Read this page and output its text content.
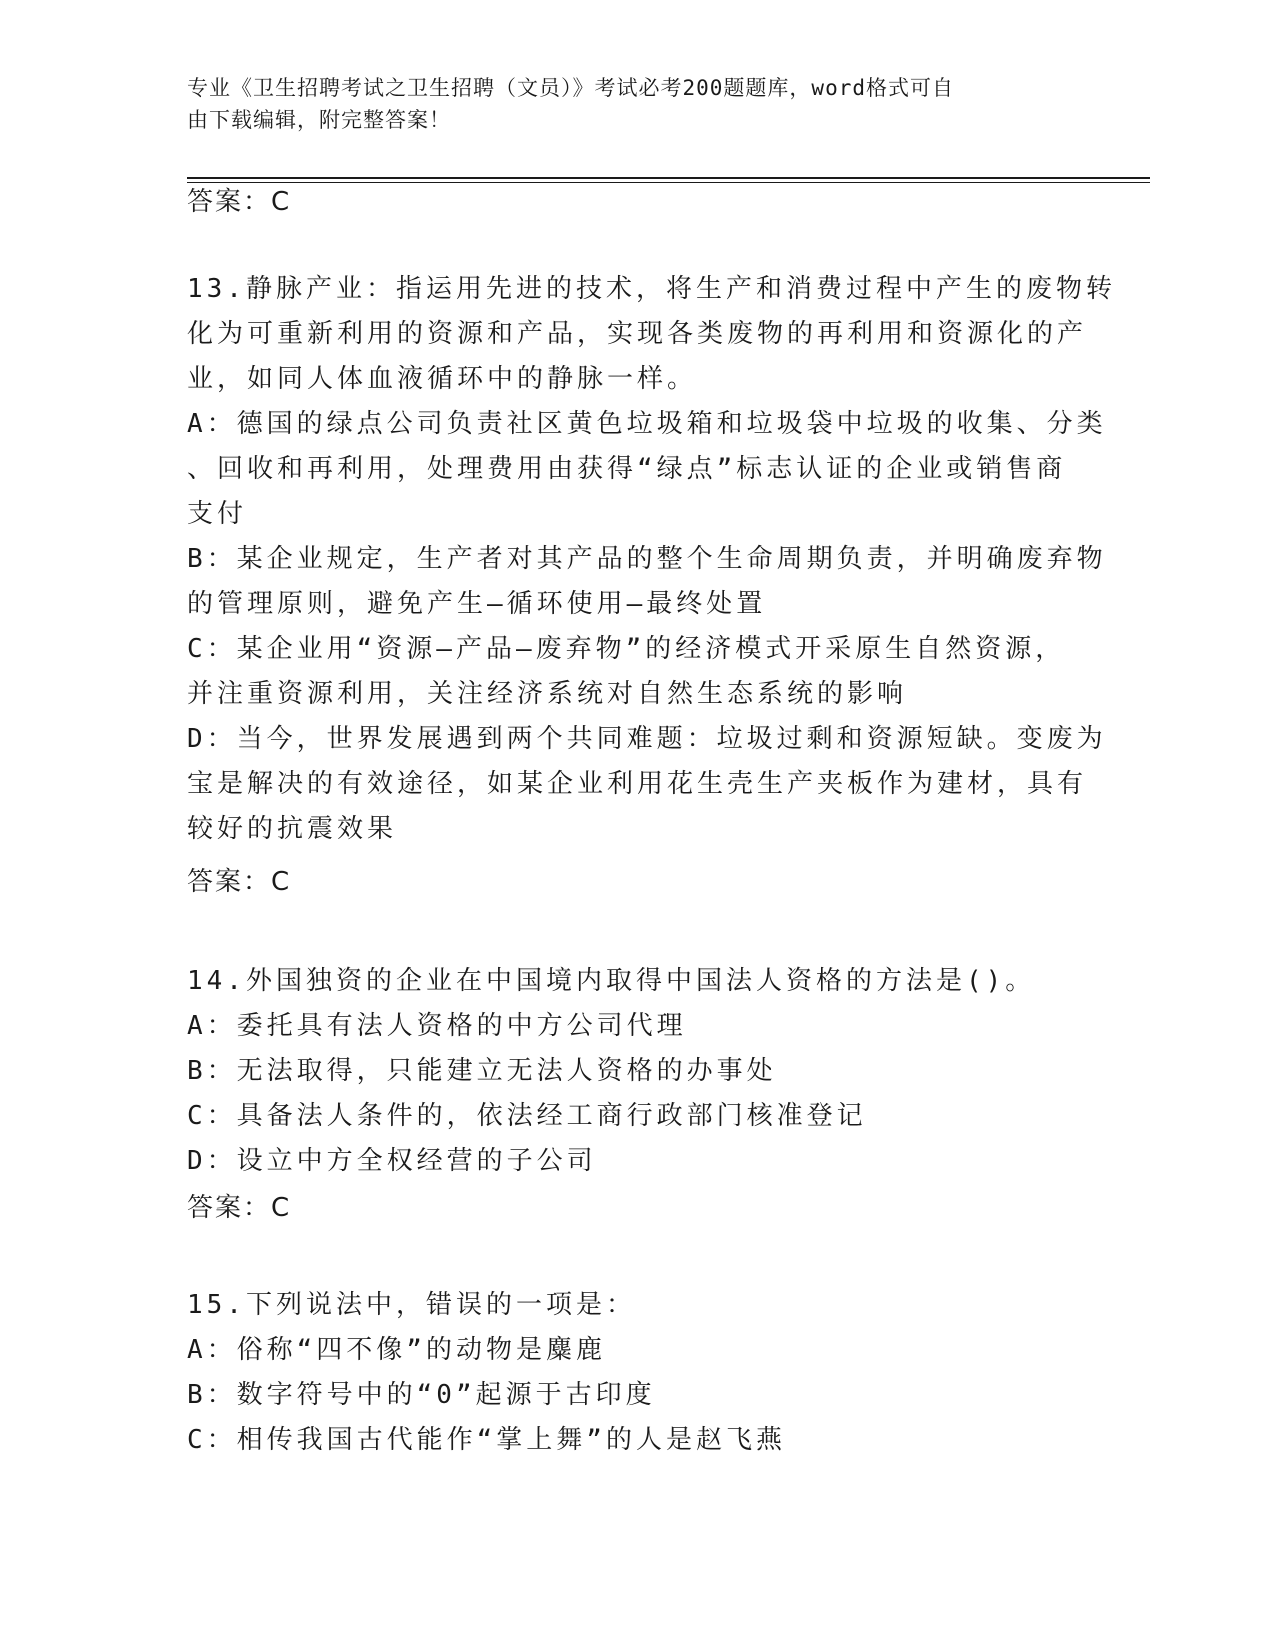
专业《卫生招聘考试之卫生招聘（文员）》考试必考200题题库，word格式可自
由下载编辑，附完整答案！
答案：C
13.静脉产业：指运用先进的技术，将生产和消费过程中产生的废物转
化为可重新利用的资源和产品，实现各类废物的再利用和资源化的产
业，如同人体血液循环中的静脉一样。
A：德国的绿点公司负责社区黄色垃圾箱和垃圾袋中垃圾的收集、分类
、回收和再利用，处理费用由获得“绿点”标志认证的企业或销售商
支付
B：某企业规定，生产者对其产品的整个生命周期负责，并明确废弃物
的管理原则，避免产生—循环使用—最终处置
C：某企业用“资源—产品—废弃物”的经济模式开采原生自然资源，
并注重资源利用，关注经济系统对自然生态系统的影响
D：当今，世界发展遇到两个共同难题：垃圾过剩和资源短缺。变废为
宝是解决的有效途径，如某企业利用花生壳生产夹板作为建材，具有
较好的抗震效果
答案：C
14.外国独资的企业在中国境内取得中国法人资格的方法是()。
A：委托具有法人资格的中方公司代理
B：无法取得，只能建立无法人资格的办事处
C：具备法人条件的，依法经工商行政部门核准登记
D：设立中方全权经营的子公司
答案：C
15.下列说法中，错误的一项是：
A：俗称“四不像”的动物是麋鹿
B：数字符号中的“0”起源于古印度
C：相传我国古代能作“掌上舞”的人是赵飞燕
